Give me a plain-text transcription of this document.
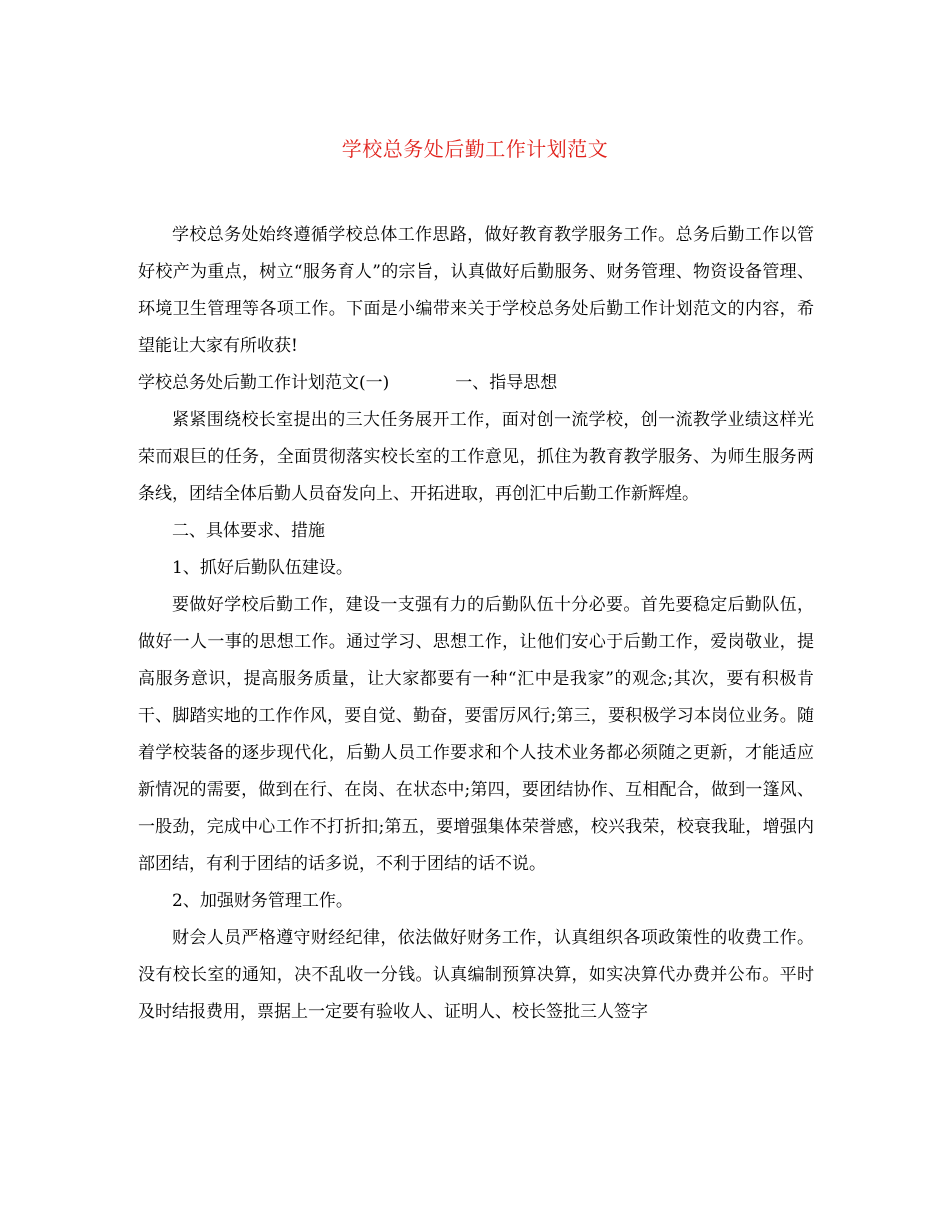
学校总务处后勤工作计划范文

学校总务处始终遵循学校总体工作思路，做好教育教学服务工作。总务后勤工作以管好校产为重点，树立“服务育人”的宗旨，认真做好后勤服务、财务管理、物资设备管理、环境卫生管理等各项工作。下面是小编带来关于学校总务处后勤工作计划范文的内容，希望能让大家有所收获!

学校总务处后勤工作计划范文(一)	一、指导思想

紧紧围绕校长室提出的三大任务展开工作，面对创一流学校，创一流教学业绩这样光荣而艰巨的任务，全面贯彻落实校长室的工作意见，抓住为教育教学服务、为师生服务两条线，团结全体后勤人员奋发向上、开拓进取，再创汇中后勤工作新辉煌。

二、具体要求、措施

1、抓好后勤队伍建设。

要做好学校后勤工作，建设一支强有力的后勤队伍十分必要。首先要稳定后勤队伍，做好一人一事的思想工作。通过学习、思想工作，让他们安心于后勤工作，爱岗敬业，提高服务意识，提高服务质量，让大家都要有一种“汇中是我家”的观念;其次，要有积极肯干、脚踏实地的工作作风，要自觉、勤奋，要雷厉风行;第三，要积极学习本岗位业务。随着学校装备的逐步现代化，后勤人员工作要求和个人技术业务都必须随之更新，才能适应新情况的需要，做到在行、在岗、在状态中;第四，要团结协作、互相配合，做到一篷风、一股劲，完成中心工作不打折扣;第五，要增强集体荣誉感，校兴我荣，校衰我耻，增强内部团结，有利于团结的话多说，不利于团结的话不说。

2、加强财务管理工作。

财会人员严格遵守财经纪律，依法做好财务工作，认真组织各项政策性的收费工作。没有校长室的通知，决不乱收一分钱。认真编制预算决算，如实决算代办费并公布。平时及时结报费用，票据上一定要有验收人、证明人、校长签批三人签字
